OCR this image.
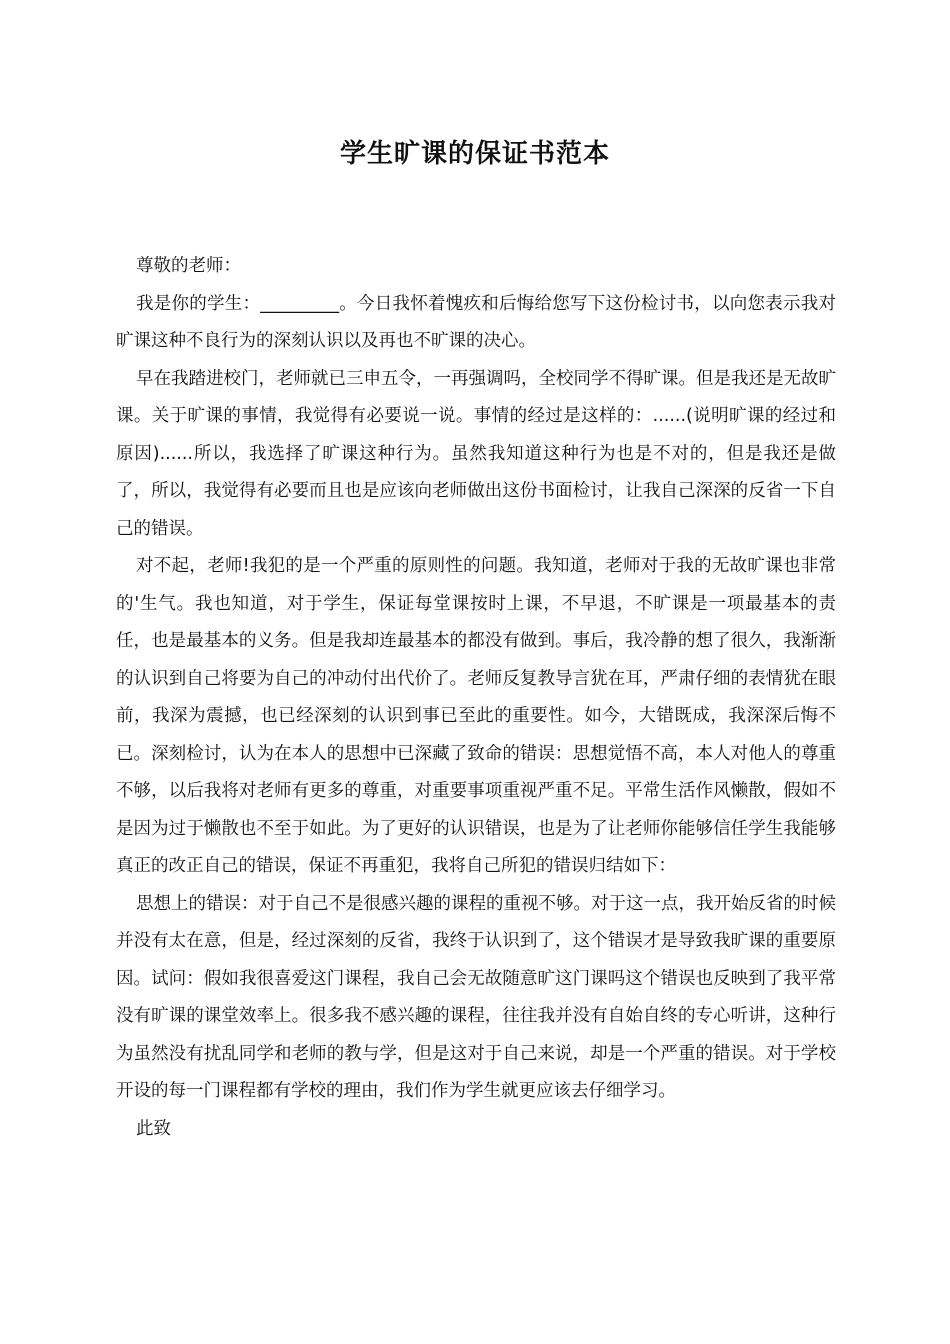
学生旷课的保证书范本

尊敬的老师：

我是你的学生：_________。今日我怀着愧疚和后悔给您写下这份检讨书，以向您表示我对旷课这种不良行为的深刻认识以及再也不旷课的决心。

早在我踏进校门，老师就已三申五令，一再强调吗，全校同学不得旷课。但是我还是无故旷课。关于旷课的事情，我觉得有必要说一说。事情的经过是这样的：......(说明旷课的经过和原因)......所以，我选择了旷课这种行为。虽然我知道这种行为也是不对的，但是我还是做了，所以，我觉得有必要而且也是应该向老师做出这份书面检讨，让我自己深深的反省一下自己的错误。

对不起，老师!我犯的是一个严重的原则性的问题。我知道，老师对于我的无故旷课也非常的'生气。我也知道，对于学生，保证每堂课按时上课，不早退，不旷课是一项最基本的责任，也是最基本的义务。但是我却连最基本的都没有做到。事后，我冷静的想了很久，我渐渐的认识到自己将要为自己的冲动付出代价了。老师反复教导言犹在耳，严肃仔细的表情犹在眼前，我深为震撼，也已经深刻的认识到事已至此的重要性。如今，大错既成，我深深后悔不已。深刻检讨，认为在本人的思想中已深藏了致命的错误：思想觉悟不高，本人对他人的尊重不够，以后我将对老师有更多的尊重，对重要事项重视严重不足。平常生活作风懒散，假如不是因为过于懒散也不至于如此。为了更好的认识错误，也是为了让老师你能够信任学生我能够真正的改正自己的错误，保证不再重犯，我将自己所犯的错误归结如下：

思想上的错误：对于自己不是很感兴趣的课程的重视不够。对于这一点，我开始反省的时候并没有太在意，但是，经过深刻的反省，我终于认识到了，这个错误才是导致我旷课的重要原因。试问：假如我很喜爱这门课程，我自己会无故随意旷这门课吗这个错误也反映到了我平常没有旷课的课堂效率上。很多我不感兴趣的课程，往往我并没有自始自终的专心听讲，这种行为虽然没有扰乱同学和老师的教与学，但是这对于自己来说，却是一个严重的错误。对于学校开设的每一门课程都有学校的理由，我们作为学生就更应该去仔细学习。

此致
